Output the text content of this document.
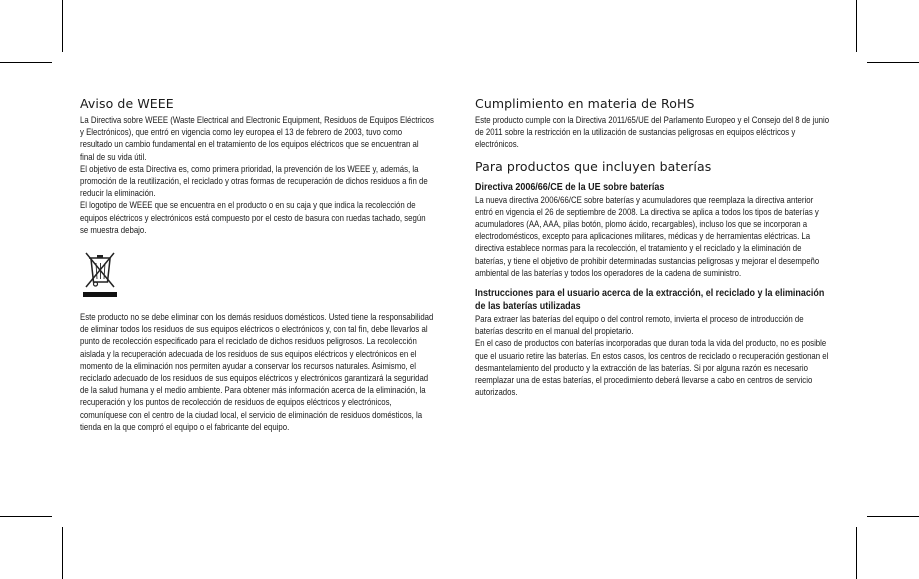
Aviso de WEEE

La Directiva sobre WEEE (Waste Electrical and Electronic Equipment, Residuos de Equipos Eléctricos y Electrónicos), que entró en vigencia como ley europea el 13 de febrero de 2003, tuvo como resultado un cambio fundamental en el tratamiento de los equipos eléctricos que se encuentran al final de su vida útil.

El objetivo de esta Directiva es, como primera prioridad, la prevención de los WEEE y, además, la promoción de la reutilización, el reciclado y otras formas de recuperación de dichos residuos a fin de reducir la eliminación.

El logotipo de WEEE que se encuentra en el producto o en su caja y que indica la recolección de equipos eléctricos y electrónicos está compuesto por el cesto de basura con ruedas tachado, según se muestra debajo.

Este producto no se debe eliminar con los demás residuos domésticos. Usted tiene la responsabilidad de eliminar todos los residuos de sus equipos eléctricos o electrónicos y, con tal fin, debe llevarlos al punto de recolección especificado para el reciclado de dichos residuos peligrosos. La recolección aislada y la recuperación adecuada de los residuos de sus equipos eléctricos y electrónicos en el momento de la eliminación nos permiten ayudar a conservar los recursos naturales. Asimismo, el reciclado adecuado de los residuos de sus equipos eléctricos y electrónicos garantizará la seguridad de la salud humana y el medio ambiente. Para obtener más información acerca de la eliminación, la recuperación y los puntos de recolección de residuos de equipos eléctricos y electrónicos, comuníquese con el centro de la ciudad local, el servicio de eliminación de residuos domésticos, la tienda en la que compró el equipo o el fabricante del equipo.

Cumplimiento en materia de RoHS

Este producto cumple con la Directiva 2011/65/UE del Parlamento Europeo y el Consejo del 8 de junio de 2011 sobre la restricción en la utilización de sustancias peligrosas en equipos eléctricos y electrónicos.

Para productos que incluyen baterías
Directiva 2006/66/CE de la UE sobre baterías

La nueva directiva 2006/66/CE sobre baterías y acumuladores que reemplaza la directiva anterior entró en vigencia el 26 de septiembre de 2008. La directiva se aplica a todos los tipos de baterías y acumuladores (AA, AAA, pilas botón, plomo ácido, recargables), incluso los que se incorporan a electrodomésticos, excepto para aplicaciones militares, médicas y de herramientas eléctricas. La directiva establece normas para la recolección, el tratamiento y el reciclado y la eliminación de baterías, y tiene el objetivo de prohibir determinadas sustancias peligrosas y mejorar el desempeño ambiental de las baterías y todos los operadores de la cadena de suministro.

Instrucciones para el usuario acerca de la extracción, el reciclado y la eliminación de las baterías utilizadas

Para extraer las baterías del equipo o del control remoto, invierta el proceso de introducción de baterías descrito en el manual del propietario.

En el caso de productos con baterías incorporadas que duran toda la vida del producto, no es posible que el usuario retire las baterías. En estos casos, los centros de reciclado o recuperación gestionan el desmantelamiento del producto y la extracción de las baterías. Si por alguna razón es necesario reemplazar una de estas baterías, el procedimiento deberá llevarse a cabo en centros de servicio autorizados.
